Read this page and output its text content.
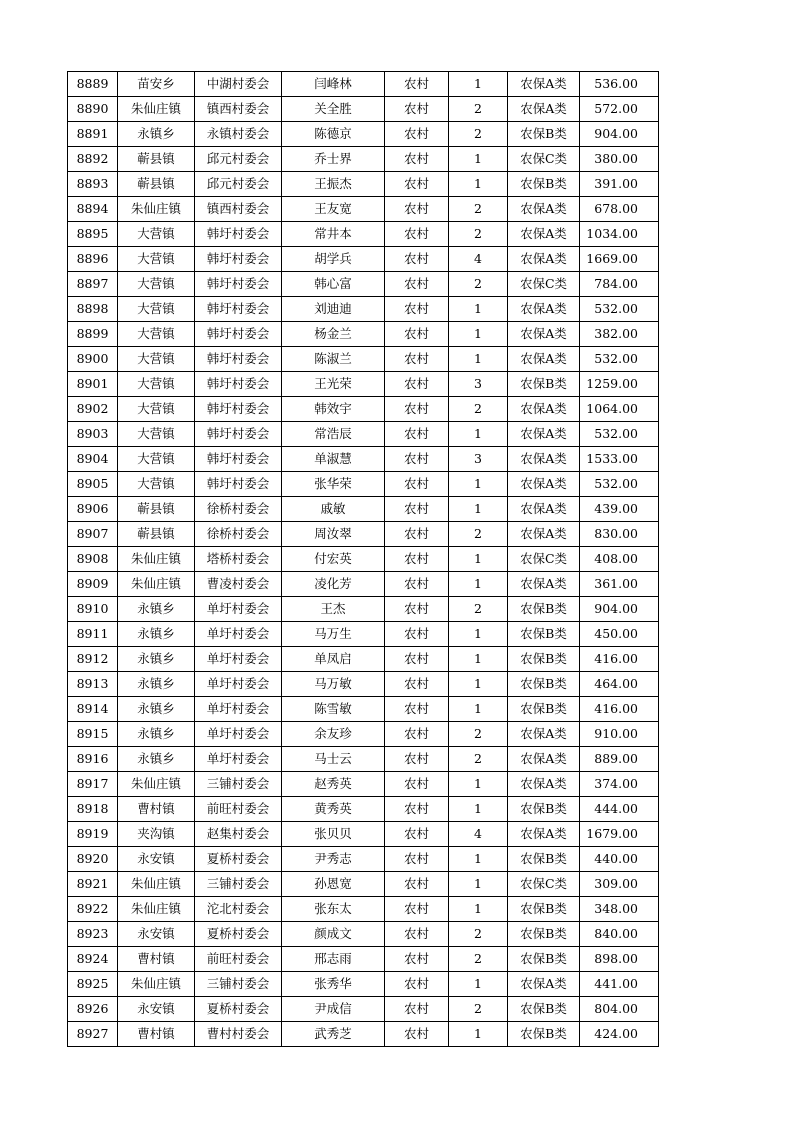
8889	苗安乡	中湖村委会	闫峰林	农村	1	农保A类	536.00
8890	朱仙庄镇	镇西村委会	关全胜	农村	2	农保A类	572.00
8891	永镇乡	永镇村委会	陈德京	农村	2	农保B类	904.00
8892	蕲县镇	邱元村委会	乔士界	农村	1	农保C类	380.00
8893	蕲县镇	邱元村委会	王振杰	农村	1	农保B类	391.00
8894	朱仙庄镇	镇西村委会	王友宽	农村	2	农保A类	678.00
8895	大营镇	韩圩村委会	常井本	农村	2	农保A类	1034.00
8896	大营镇	韩圩村委会	胡学兵	农村	4	农保A类	1669.00
8897	大营镇	韩圩村委会	韩心富	农村	2	农保C类	784.00
8898	大营镇	韩圩村委会	刘迪迪	农村	1	农保A类	532.00
8899	大营镇	韩圩村委会	杨金兰	农村	1	农保A类	382.00
8900	大营镇	韩圩村委会	陈淑兰	农村	1	农保A类	532.00
8901	大营镇	韩圩村委会	王光荣	农村	3	农保B类	1259.00
8902	大营镇	韩圩村委会	韩效宇	农村	2	农保A类	1064.00
8903	大营镇	韩圩村委会	常浩辰	农村	1	农保A类	532.00
8904	大营镇	韩圩村委会	单淑慧	农村	3	农保A类	1533.00
8905	大营镇	韩圩村委会	张华荣	农村	1	农保A类	532.00
8906	蕲县镇	徐桥村委会	戚敏	农村	1	农保A类	439.00
8907	蕲县镇	徐桥村委会	周汝翠	农村	2	农保A类	830.00
8908	朱仙庄镇	塔桥村委会	付宏英	农村	1	农保C类	408.00
8909	朱仙庄镇	曹凌村委会	凌化芳	农村	1	农保A类	361.00
8910	永镇乡	单圩村委会	王杰	农村	2	农保B类	904.00
8911	永镇乡	单圩村委会	马万生	农村	1	农保B类	450.00
8912	永镇乡	单圩村委会	单凤启	农村	1	农保B类	416.00
8913	永镇乡	单圩村委会	马万敏	农村	1	农保B类	464.00
8914	永镇乡	单圩村委会	陈雪敏	农村	1	农保B类	416.00
8915	永镇乡	单圩村委会	余友珍	农村	2	农保A类	910.00
8916	永镇乡	单圩村委会	马士云	农村	2	农保A类	889.00
8917	朱仙庄镇	三铺村委会	赵秀英	农村	1	农保A类	374.00
8918	曹村镇	前旺村委会	黄秀英	农村	1	农保B类	444.00
8919	夹沟镇	赵集村委会	张贝贝	农村	4	农保A类	1679.00
8920	永安镇	夏桥村委会	尹秀志	农村	1	农保B类	440.00
8921	朱仙庄镇	三铺村委会	孙恩宽	农村	1	农保C类	309.00
8922	朱仙庄镇	沱北村委会	张东太	农村	1	农保B类	348.00
8923	永安镇	夏桥村委会	颜成文	农村	2	农保B类	840.00
8924	曹村镇	前旺村委会	邢志雨	农村	2	农保B类	898.00
8925	朱仙庄镇	三铺村委会	张秀华	农村	1	农保A类	441.00
8926	永安镇	夏桥村委会	尹成信	农村	2	农保B类	804.00
8927	曹村镇	曹村村委会	武秀芝	农村	1	农保B类	424.00
